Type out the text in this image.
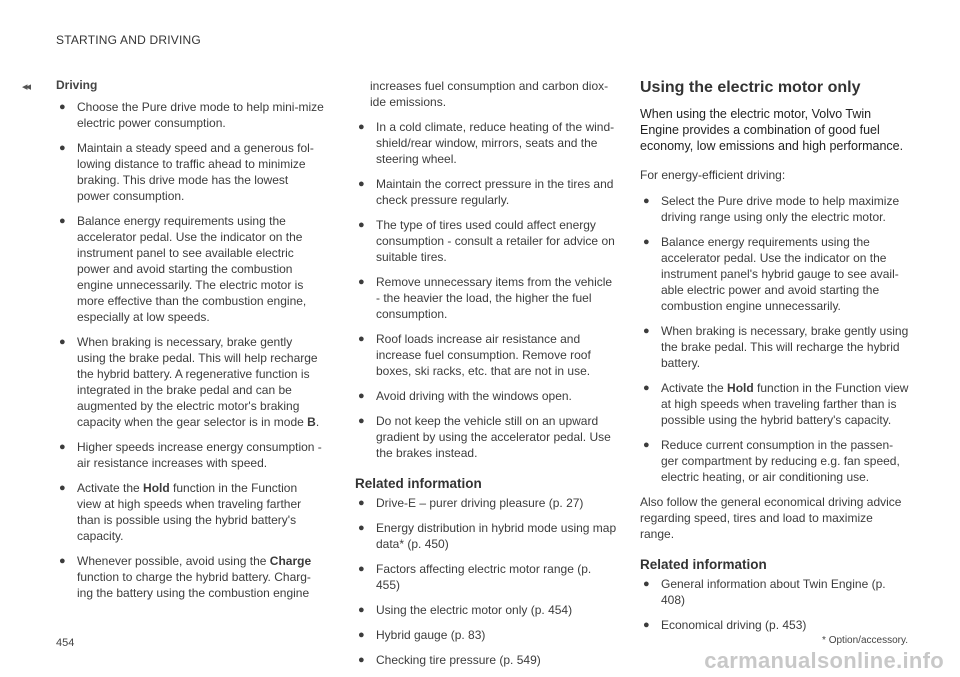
STARTING AND DRIVING
◂◂ Driving
● Choose the Pure drive mode to help mini-mize electric power consumption.
● Maintain a steady speed and a generous fol-lowing distance to traffic ahead to minimize braking. This drive mode has the lowest power consumption.
● Balance energy requirements using the accelerator pedal. Use the indicator on the instrument panel to see available electric power and avoid starting the combustion engine unnecessarily. The electric motor is more effective than the combustion engine, especially at low speeds.
● When braking is necessary, brake gently using the brake pedal. This will help recharge the hybrid battery. A regenerative function is integrated in the brake pedal and can be augmented by the electric motor's braking capacity when the gear selector is in mode B.
● Higher speeds increase energy consumption - air resistance increases with speed.
● Activate the Hold function in the Function view at high speeds when traveling farther than is possible using the hybrid battery's capacity.
● Whenever possible, avoid using the Charge function to charge the hybrid battery. Charg-ing the battery using the combustion engine
increases fuel consumption and carbon diox-ide emissions.
● In a cold climate, reduce heating of the wind-shield/rear window, mirrors, seats and the steering wheel.
● Maintain the correct pressure in the tires and check pressure regularly.
● The type of tires used could affect energy consumption - consult a retailer for advice on suitable tires.
● Remove unnecessary items from the vehicle - the heavier the load, the higher the fuel consumption.
● Roof loads increase air resistance and increase fuel consumption. Remove roof boxes, ski racks, etc. that are not in use.
● Avoid driving with the windows open.
● Do not keep the vehicle still on an upward gradient by using the accelerator pedal. Use the brakes instead.
Related information
● Drive-E – purer driving pleasure (p. 27)
● Energy distribution in hybrid mode using map data* (p. 450)
● Factors affecting electric motor range (p. 455)
● Using the electric motor only (p. 454)
● Hybrid gauge (p. 83)
● Checking tire pressure (p. 549)
Using the electric motor only

When using the electric motor, Volvo Twin Engine provides a combination of good fuel economy, low emissions and high performance.

For energy-efficient driving:

● Select the Pure drive mode to help maximize driving range using only the electric motor.
● Balance energy requirements using the accelerator pedal. Use the indicator on the instrument panel's hybrid gauge to see avail-able electric power and avoid starting the combustion engine unnecessarily.
● When braking is necessary, brake gently using the brake pedal. This will recharge the hybrid battery.
● Activate the Hold function in the Function view at high speeds when traveling farther than is possible using the hybrid battery's capacity.
● Reduce current consumption in the passen-ger compartment by reducing e.g. fan speed, electric heating, or air conditioning use.

Also follow the general economical driving advice regarding speed, tires and load to maximize range.

Related information
● General information about Twin Engine (p. 408)
● Economical driving (p. 453)
454	* Option/accessory.
carmanualsonline.info
